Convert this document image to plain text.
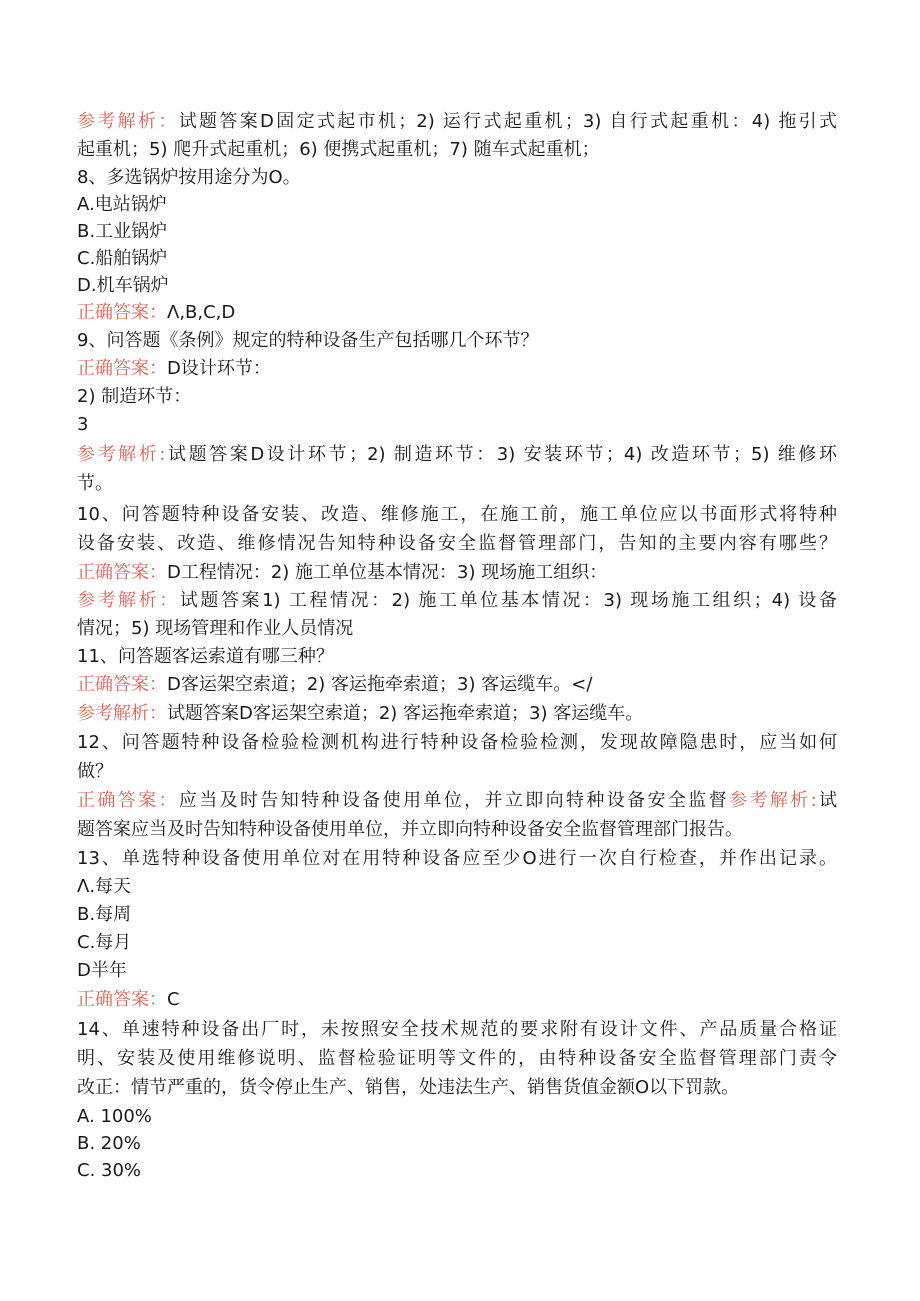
参考解析：试题答案D固定式起市机；2) 运行式起重机；3) 自行式起重机：4) 拖引式
起重机；5) 爬升式起重机；6) 便携式起重机；7) 随车式起重机；
8、多选锅炉按用途分为O。
A.电站锅炉
B.工业锅炉
C.船舶锅炉
D.机车锅炉
正确答案：Λ,B,C,D
9、问答题《条例》规定的特种设备生产包括哪几个环节？
正确答案：D设计环节：
2) 制造环节：
3
参考解析:试题答案D设计环节；2) 制造环节：3) 安装环节；4) 改造环节；5) 维修环
节。
10、问答题特种设备安装、改造、维修施工，在施工前，施工单位应以书面形式将特种
设备安装、改造、维修情况告知特种设备安全监督管理部门，告知的主要内容有哪些？
正确答案：D工程情况：2) 施工单位基本情况：3) 现场施工组织：
参考解析：试题答案1) 工程情况：2) 施工单位基本情况：3) 现场施工组织；4) 设备
情况；5) 现场管理和作业人员情况
11、问答题客运索道有哪三种？
正确答案：D客运架空索道；2) 客运拖牵索道；3) 客运缆车。</
参考解析：试题答案D客运架空索道；2) 客运拖牵索道；3) 客运缆车。
12、问答题特种设备检验检测机构进行特种设备检验检测，发现故障隐患时，应当如何
做？
正确答案：应当及时告知特种设备使用单位，并立即向特种设备安全监督参考解析:试
题答案应当及时告知特种设备使用单位，并立即向特种设备安全监督管理部门报告。
13、单选特种设备使用单位对在用特种设备应至少O进行一次自行检查，并作出记录。
Λ.每天
B.每周
C.每月
D半年
正确答案：C
14、单速特种设备出厂时，未按照安全技术规范的要求附有设计文件、产品质量合格证
明、安装及使用维修说明、监督检验证明等文件的，由特种设备安全监督管理部门责令
改正：情节严重的，货令停止生产、销售，处违法生产、销售货值金额O以下罚款。
A. 100%
B. 20%
C. 30%
